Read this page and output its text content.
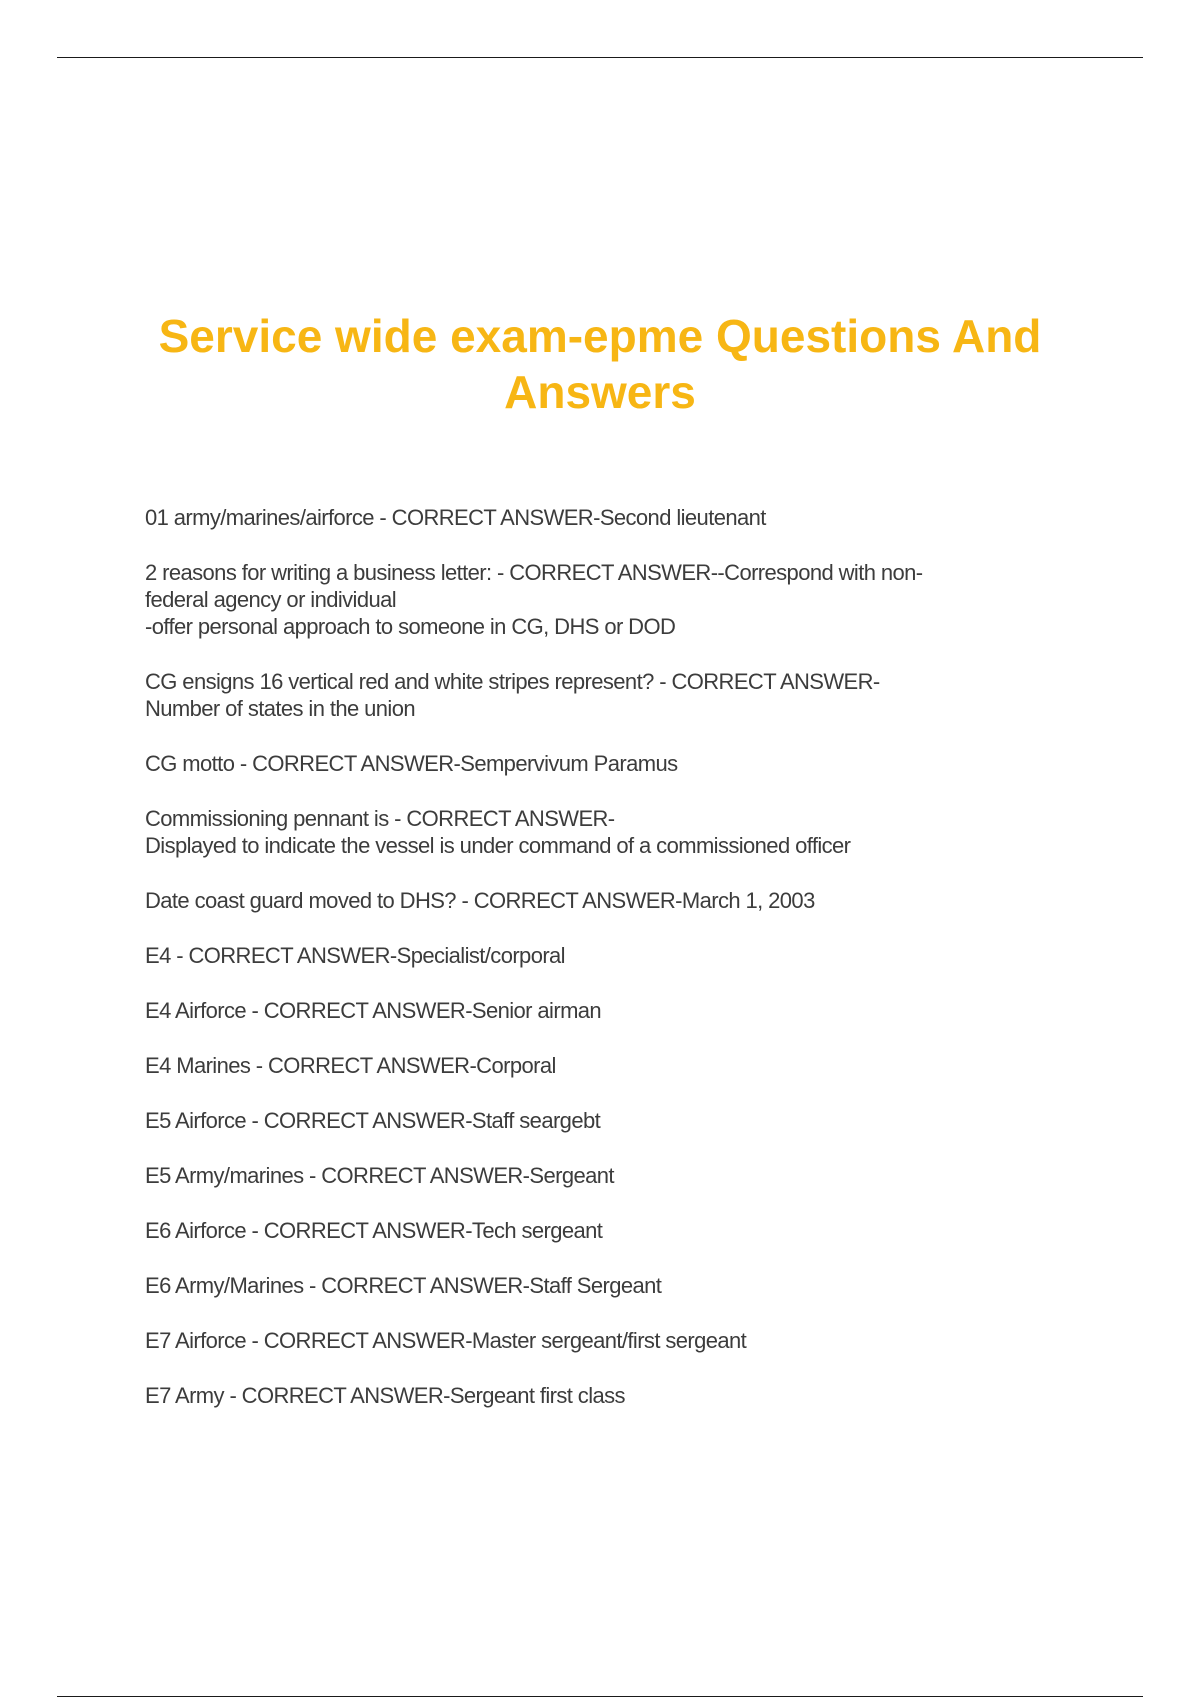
Service wide exam-epme Questions And Answers
01 army/marines/airforce - CORRECT ANSWER-Second lieutenant
2 reasons for writing a business letter: - CORRECT ANSWER--Correspond with non-
federal agency or individual
-offer personal approach to someone in CG, DHS or DOD
CG ensigns 16 vertical red and white stripes represent? - CORRECT ANSWER-
Number of states in the union
CG motto - CORRECT ANSWER-Sempervivum Paramus
Commissioning pennant is - CORRECT ANSWER-
Displayed to indicate the vessel is under command of a commissioned officer
Date coast guard moved to DHS? - CORRECT ANSWER-March 1, 2003
E4 - CORRECT ANSWER-Specialist/corporal
E4 Airforce - CORRECT ANSWER-Senior airman
E4 Marines - CORRECT ANSWER-Corporal
E5 Airforce - CORRECT ANSWER-Staff seargebt
E5 Army/marines - CORRECT ANSWER-Sergeant
E6 Airforce - CORRECT ANSWER-Tech sergeant
E6 Army/Marines - CORRECT ANSWER-Staff Sergeant
E7 Airforce - CORRECT ANSWER-Master sergeant/first sergeant
E7 Army - CORRECT ANSWER-Sergeant first class
